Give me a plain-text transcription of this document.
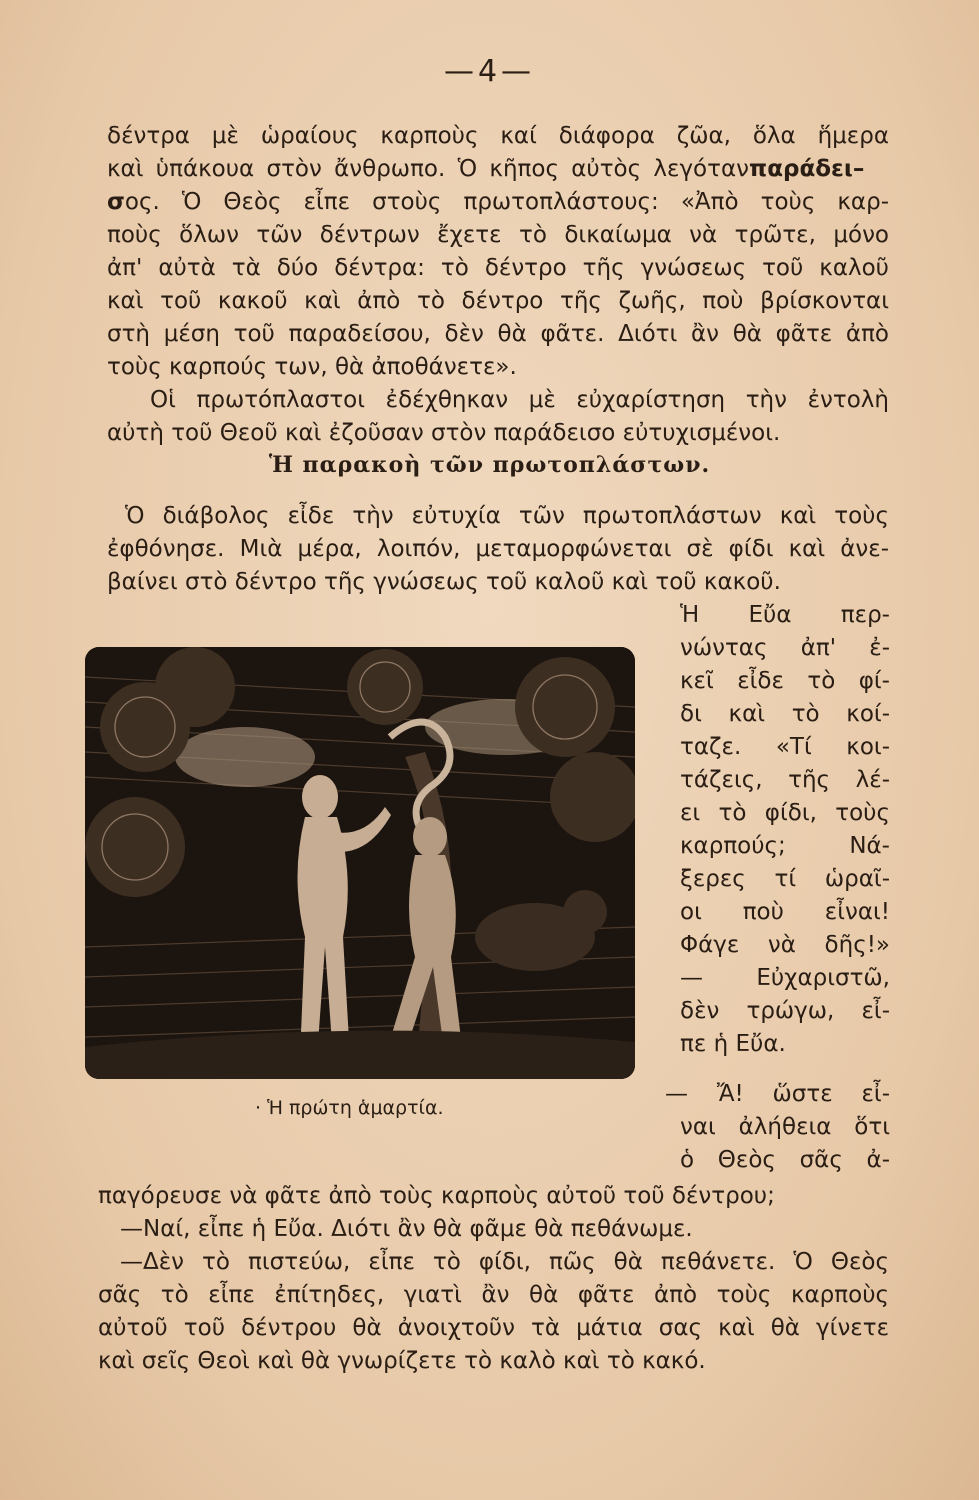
—4—
δέντρα μὲ ὡραίους καρποὺς καί διάφορα ζῶα, ὅλα ἥμερα
καὶ ὑπάκουα στὸν ἄνθρωπο. Ὁ κῆπος αὐτὸς λεγότανπαράδει–
σος. Ὁ Θεὸς εἶπε στοὺς πρωτοπλάστους: «Ἀπὸ τοὺς καρ-
ποὺς ὅλων τῶν δέντρων ἔχετε τὸ δικαίωμα νὰ τρῶτε, μόνο
ἀπ' αὐτὰ τὰ δύο δέντρα: τὸ δέντρο τῆς γνώσεως τοῦ καλοῦ
καὶ τοῦ κακοῦ καὶ ἀπὸ τὸ δέντρο τῆς ζωῆς, ποὺ βρίσκονται
στὴ μέση τοῦ παραδείσου, δὲν θὰ φᾶτε. Διότι ἂν θὰ φᾶτε ἀπὸ
τοὺς καρπούς των, θὰ ἀποθάνετε».
Οἱ πρωτόπλαστοι ἐδέχθηκαν μὲ εὐχαρίστηση τὴν ἐντολὴ
αὐτὴ τοῦ Θεοῦ καὶ ἐζοῦσαν στὸν παράδεισο εὐτυχισμένοι.
Ἡ παρακοὴ τῶν πρωτοπλάστων.
Ὁ διάβολος εἶδε τὴν εὐτυχία τῶν πρωτοπλάστων καὶ τοὺς
ἐφθόνησε. Μιὰ μέρα, λοιπόν, μεταμορφώνεται σὲ φίδι καὶ ἀνε-
βαίνει στὸ δέντρο τῆς γνώσεως τοῦ καλοῦ καὶ τοῦ κακοῦ.
Ἡ Εὔα περ-
νώντας ἀπ' ἐ-
κεῖ εἶδε τὸ φί-
δι καὶ τὸ κοί-
ταζε. «Τί κοι-
τάζεις, τῆς λέ-
ει τὸ φίδι, τοὺς
καρπούς; Νά-
ξερες τί ὡραῖ-
οι ποὺ εἶναι!
Φάγε νὰ δῆς!»
— Εὐχαριστῶ,
δὲν τρώγω, εἶ-
πε ἡ Εὔα.
— Ἄ! ὥστε εἶ-
ναι ἀλήθεια ὅτι
ὁ Θεὸς σᾶς ἀ-
· Ἡ πρώτη ἁμαρτία.
παγόρευσε νὰ φᾶτε ἀπὸ τοὺς καρποὺς αὐτοῦ τοῦ δέντρου;
—Ναί, εἶπε ἡ Εὔα. Διότι ἂν θὰ φᾶμε θὰ πεθάνωμε.
—Δὲν τὸ πιστεύω, εἶπε τὸ φίδι, πῶς θὰ πεθάνετε. Ὁ Θεὸς
σᾶς τὸ εἶπε ἐπίτηδες, γιατὶ ἂν θὰ φᾶτε ἀπὸ τοὺς καρποὺς
αὐτοῦ τοῦ δέντρου θὰ ἀνοιχτοῦν τὰ μάτια σας καὶ θὰ γίνετε
καὶ σεῖς Θεοὶ καὶ θὰ γνωρίζετε τὸ καλὸ καὶ τὸ κακό.
